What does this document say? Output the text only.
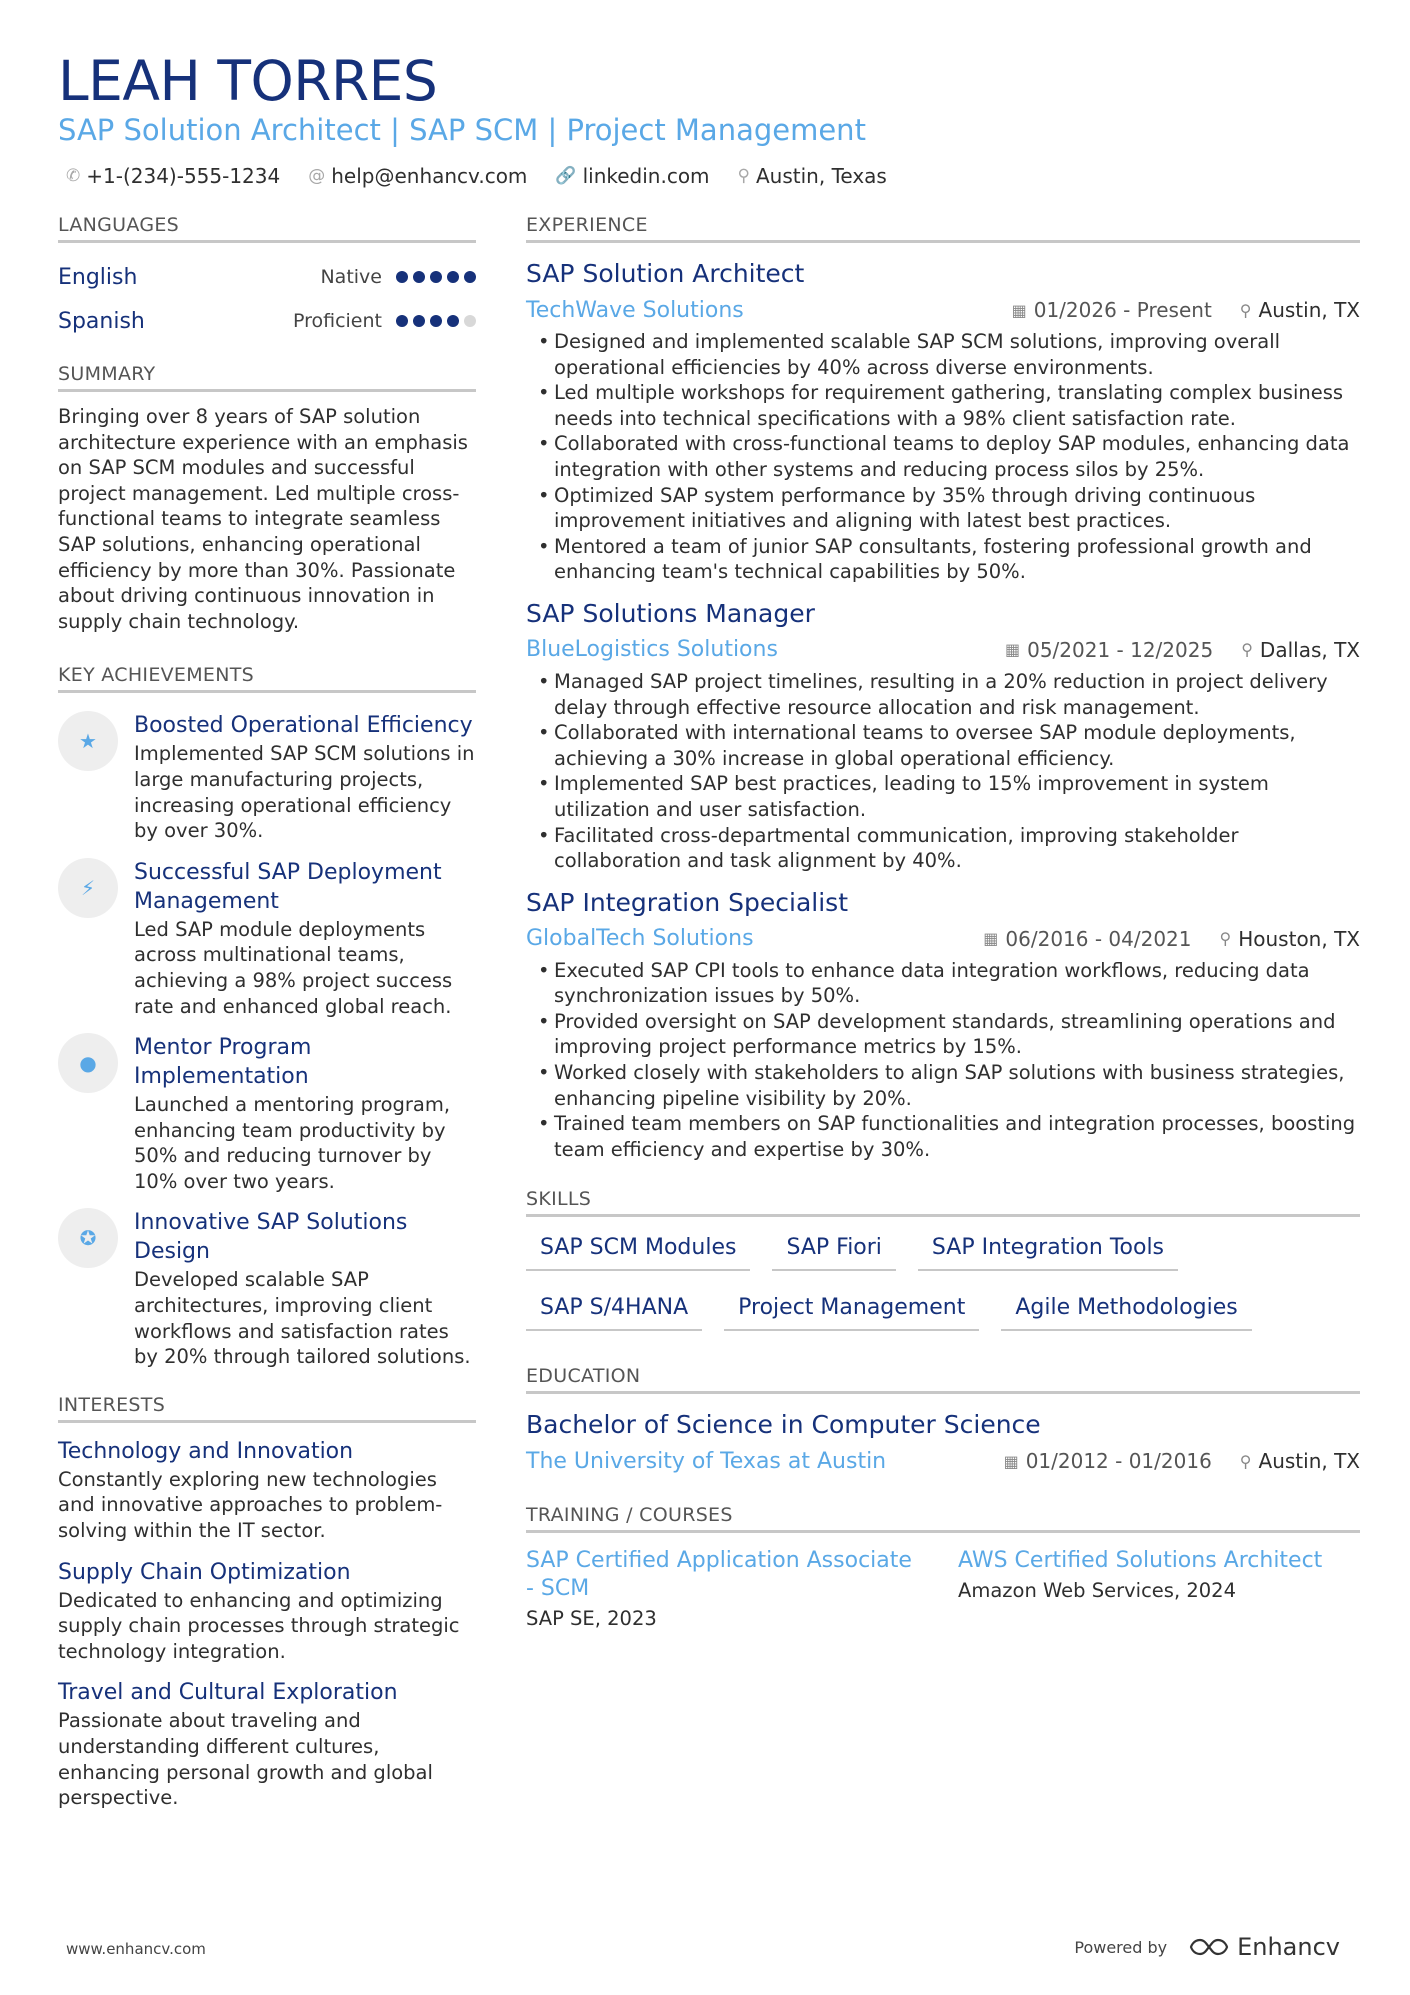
LEAH TORRES
SAP Solution Architect | SAP SCM | Project Management
✆ +1-(234)-555-1234 @ help@enhancv.com 🔗 linkedin.com ⚲ Austin, Texas
LANGUAGES
English	Native
Spanish	Proficient
SUMMARY

Bringing over 8 years of SAP solution architecture experience with an emphasis on SAP SCM modules and successful project management. Led multiple cross-functional teams to integrate seamless SAP solutions, enhancing operational efficiency by more than 30%. Passionate about driving continuous innovation in supply chain technology.

KEY ACHIEVEMENTS
★
Boosted Operational Efficiency
Implemented SAP SCM solutions in large manufacturing projects, increasing operational efficiency by over 30%.
⚡︎
Successful SAP Deployment Management
Led SAP module deployments across multinational teams, achieving a 98% project success rate and enhanced global reach.
●
Mentor Program Implementation
Launched a mentoring program, enhancing team productivity by 50% and reducing turnover by 10% over two years.
✪
Innovative SAP Solutions Design
Developed scalable SAP architectures, improving client workflows and satisfaction rates by 20% through tailored solutions.
INTERESTS
Technology and Innovation
Constantly exploring new technologies and innovative approaches to problem-solving within the IT sector.
Supply Chain Optimization
Dedicated to enhancing and optimizing supply chain processes through strategic technology integration.
Travel and Cultural Exploration
Passionate about traveling and understanding different cultures, enhancing personal growth and global perspective.
EXPERIENCE
SAP Solution Architect
TechWave Solutions	▦ 01/2026 - Present ⚲ Austin, TX
• Designed and implemented scalable SAP SCM solutions, improving overall operational efficiencies by 40% across diverse environments.
• Led multiple workshops for requirement gathering, translating complex business needs into technical specifications with a 98% client satisfaction rate.
• Collaborated with cross-functional teams to deploy SAP modules, enhancing data integration with other systems and reducing process silos by 25%.
• Optimized SAP system performance by 35% through driving continuous improvement initiatives and aligning with latest best practices.
• Mentored a team of junior SAP consultants, fostering professional growth and enhancing team's technical capabilities by 50%.
SAP Solutions Manager
BlueLogistics Solutions	▦ 05/2021 - 12/2025 ⚲ Dallas, TX
• Managed SAP project timelines, resulting in a 20% reduction in project delivery delay through effective resource allocation and risk management.
• Collaborated with international teams to oversee SAP module deployments, achieving a 30% increase in global operational efficiency.
• Implemented SAP best practices, leading to 15% improvement in system utilization and user satisfaction.
• Facilitated cross-departmental communication, improving stakeholder collaboration and task alignment by 40%.
SAP Integration Specialist
GlobalTech Solutions	▦ 06/2016 - 04/2021 ⚲ Houston, TX
• Executed SAP CPI tools to enhance data integration workflows, reducing data synchronization issues by 50%.
• Provided oversight on SAP development standards, streamlining operations and improving project performance metrics by 15%.
• Worked closely with stakeholders to align SAP solutions with business strategies, enhancing pipeline visibility by 20%.
• Trained team members on SAP functionalities and integration processes, boosting team efficiency and expertise by 30%.
SKILLS
SAP SCM Modules	SAP Fiori	SAP Integration Tools
SAP S/4HANA	Project Management	Agile Methodologies
EDUCATION
Bachelor of Science in Computer Science
The University of Texas at Austin	▦ 01/2012 - 01/2016 ⚲ Austin, TX
TRAINING / COURSES
SAP Certified Application Associate - SCM
SAP SE, 2023
AWS Certified Solutions Architect
Amazon Web Services, 2024
www.enhancv.com	Powered by	Enhancv
